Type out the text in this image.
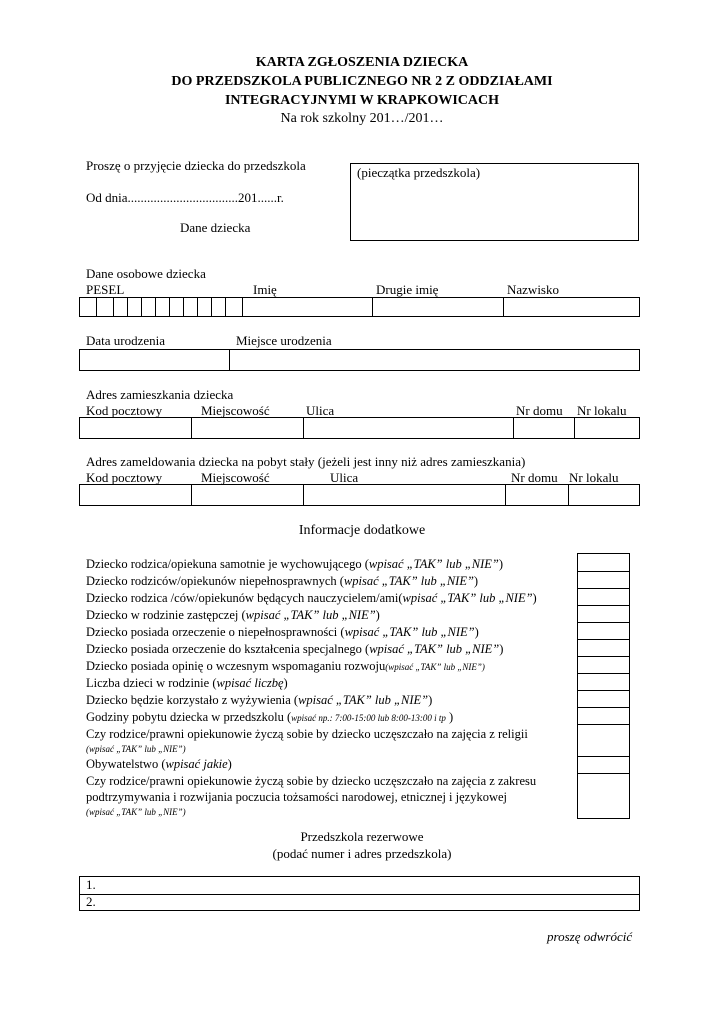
KARTA ZGŁOSZENIA DZIECKA
DO PRZEDSZKOLA PUBLICZNEGO NR 2 Z ODDZIAŁAMI
INTEGRACYJNYMI W KRAPKOWICACH
Na rok szkolny 201…/201…
Proszę o przyjęcie dziecka do przedszkola
Od dnia..................................201......r.
Dane dziecka
(pieczątka przedszkola)
Dane osobowe dziecka
PESEL	Imię	Drugie imię	Nazwisko
Data urodzenia	Miejsce urodzenia
Adres zamieszkania dziecka
Kod pocztowy	Miejscowość	Ulica	Nr domu Nr lokalu
Adres zameldowania dziecka na pobyt stały (jeżeli jest inny niż adres zamieszkania)
Kod pocztowy	Miejscowość	Ulica	Nr domu Nr lokalu
Informacje dodatkowe
Dziecko rodzica/opiekuna samotnie je wychowującego (wpisać „TAK” lub „NIE”)
Dziecko rodziców/opiekunów niepełnosprawnych (wpisać „TAK” lub „NIE”)
Dziecko rodzica /ców/opiekunów będących nauczycielem/ami(wpisać „TAK” lub „NIE”)
Dziecko w rodzinie zastępczej (wpisać „TAK” lub „NIE”)
Dziecko posiada orzeczenie o niepełnosprawności (wpisać „TAK” lub „NIE”)
Dziecko posiada orzeczenie do kształcenia specjalnego (wpisać „TAK” lub „NIE”)
Dziecko posiada opinię o wczesnym wspomaganiu rozwoju(wpisać „TAK” lub „NIE”)
Liczba dzieci w rodzinie (wpisać liczbę)
Dziecko będzie korzystało z wyżywienia (wpisać „TAK” lub „NIE”)
Godziny pobytu dziecka w przedszkolu (wpisać np.: 7:00-15:00 lub 8:00-13:00 i tp )
Czy rodzice/prawni opiekunowie życzą sobie by dziecko uczęszczało na zajęcia z religii
(wpisać „TAK” lub „NIE”)
Obywatelstwo (wpisać jakie)
Czy rodzice/prawni opiekunowie życzą sobie by dziecko uczęszczało na zajęcia z zakresu
podtrzymywania i rozwijania poczucia tożsamości narodowej, etnicznej i językowej
(wpisać „TAK” lub „NIE”)
Przedszkola rezerwowe
(podać numer i adres przedszkola)
1.
2.
proszę odwrócić
